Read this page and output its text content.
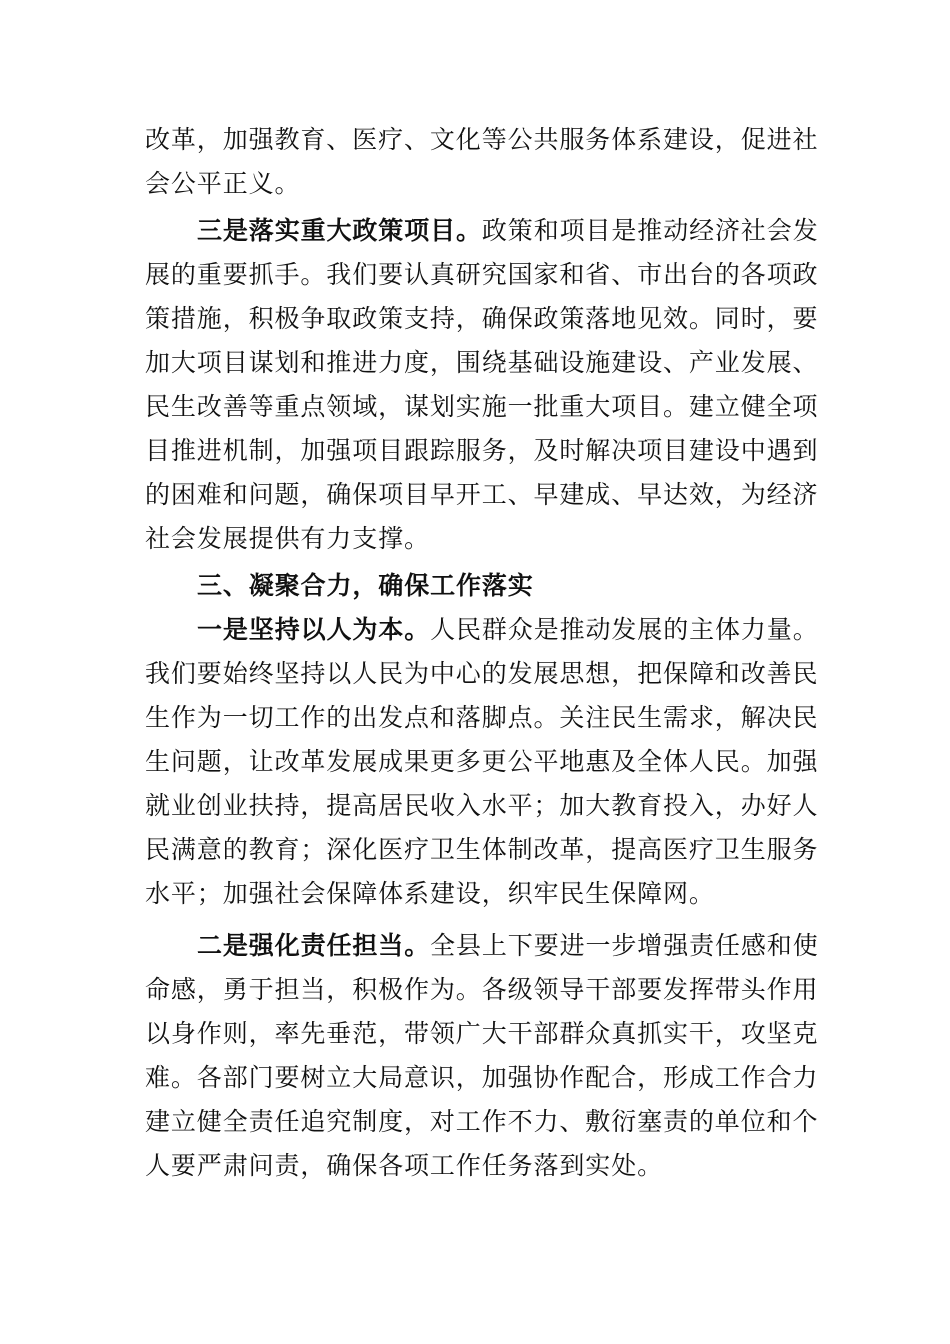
改革，加强教育、医疗、文化等公共服务体系建设，促进社
会公平正义。
三是落实重大政策项目。政策和项目是推动经济社会发
展的重要抓手。我们要认真研究国家和省、市出台的各项政
策措施，积极争取政策支持，确保政策落地见效。同时，要
加大项目谋划和推进力度，围绕基础设施建设、产业发展、
民生改善等重点领域，谋划实施一批重大项目。建立健全项
目推进机制，加强项目跟踪服务，及时解决项目建设中遇到
的困难和问题，确保项目早开工、早建成、早达效，为经济
社会发展提供有力支撑。
三、凝聚合力，确保工作落实
一是坚持以人为本。人民群众是推动发展的主体力量。
我们要始终坚持以人民为中心的发展思想，把保障和改善民
生作为一切工作的出发点和落脚点。关注民生需求，解决民
生问题，让改革发展成果更多更公平地惠及全体人民。加强
就业创业扶持，提高居民收入水平；加大教育投入，办好人
民满意的教育；深化医疗卫生体制改革，提高医疗卫生服务
水平；加强社会保障体系建设，织牢民生保障网。
二是强化责任担当。全县上下要进一步增强责任感和使
命感，勇于担当，积极作为。各级领导干部要发挥带头作用
以身作则，率先垂范，带领广大干部群众真抓实干，攻坚克
难。各部门要树立大局意识，加强协作配合，形成工作合力
建立健全责任追究制度，对工作不力、敷衍塞责的单位和个
人要严肃问责，确保各项工作任务落到实处。
